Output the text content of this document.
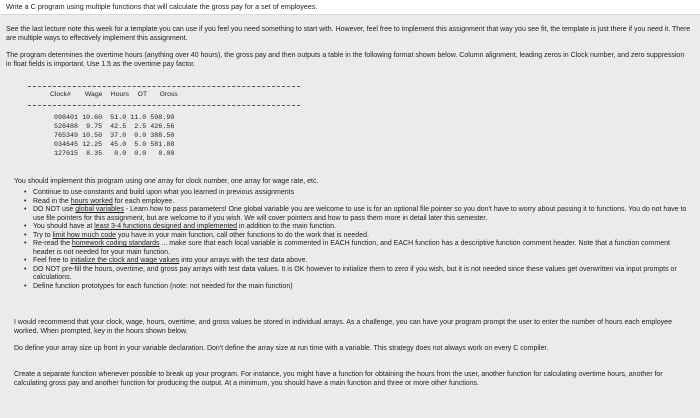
Write a C program using multiple functions that will calculate the gross pay for a set of employees.

See the last lecture note this week for a template you can use if you feel you need something to start with. However, feel free to implement this assignment that way you see fit, the template is just there if you need it. There are multiple ways to effectively implement this assignment.

The program determines the overtime hours (anything over 40 hours), the gross pay and then outputs a table in the following format shown below. Column alignment, leading zeros in Clock number, and zero suppression in float fields is important. Use 1.5 as the overtime pay factor.

Clock# Wage Hours OT Gross
098401 10.60 51.0 11.0 598.90
526488 9.75 42.5 2.5 426.56
765349 10.50 37.0 0.0 388.50
034645 12.25 45.0 5.0 581.88
127615 8.35 0.0 0.0 0.00

You should implement this program using one array for clock number, one array for wage rate, etc.

• Continue to use constants and build upon what you learned in previous assignments
• Read in the hours worked for each employee.
• DO NOT use global variables - Learn how to pass parameters! One global variable you are welcome to use is for an optional file pointer so you don't have to worry about passing it to functions. You do not have to use file pointers for this assignment, but are welcome to if you wish. We will cover pointers and how to pass them more in detail later this semester.
• You should have at least 3-4 functions designed and implemented in addition to the main function.
• Try to limit how much code you have in your main function, call other functions to do the work that is needed.
• Re-read the homework coding standards ... make sure that each local variable is commented in EACH function, and EACH function has a descriptive function comment header. Note that a function comment header is not needed for your main function.
• Feel free to initialize the clock and wage values into your arrays with the test data above.
• DO NOT pre-fill the hours, overtime, and gross pay arrays with test data values. It is OK however to initialize them to zero if you wish, but it is not needed since these values get overwritten via input prompts or calculations.
• Define function prototypes for each function (note: not needed for the main function)

I would recommend that your clock, wage, hours, overtime, and gross values be stored in individual arrays. As a challenge, you can have your program prompt the user to enter the number of hours each employee worked. When prompted, key in the hours shown below.

Do define your array size up front in your variable declaration. Don't define the array size at run time with a variable. This strategy does not always work on every C compiler.

Create a separate function whenever possible to break up your program. For instance, you might have a function for obtaining the hours from the user, another function for calculating overtime hours, another for calculating gross pay and another function for producing the output. At a minimum, you should have a main function and three or more other functions.
